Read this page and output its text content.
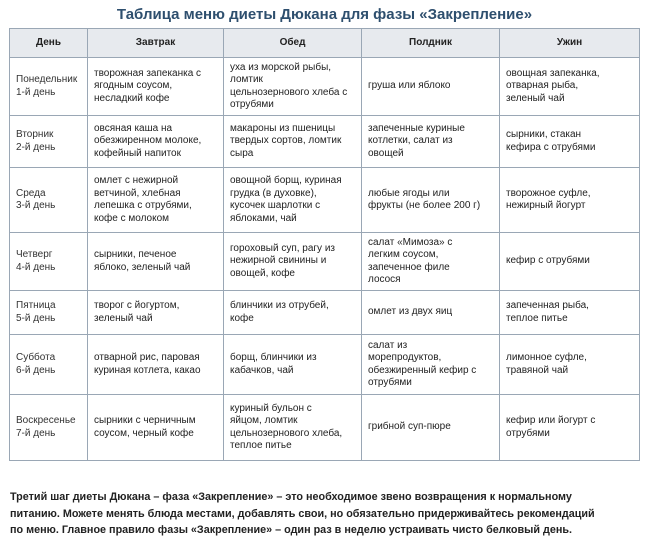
Таблица меню диеты Дюкана для фазы «Закрепление»
День	Завтрак	Обед	Полдник	Ужин
Понедельник
1-й день	творожная запеканка с
ягодным соусом,
несладкий кофе	уха из морской рыбы,
ломтик
цельнозернового хлеба с
отрубями	груша или яблоко	овощная запеканка,
отварная рыба,
зеленый чай
Вторник
2-й день	овсяная каша на
обезжиренном молоке,
кофейный напиток	макароны из пшеницы
твердых сортов, ломтик
сыра	запеченные куриные
котлетки, салат из
овощей	сырники, стакан
кефира с отрубями
Среда
3-й день	омлет с нежирной
ветчиной, хлебная
лепешка с отрубями,
кофе с молоком	овощной борщ, куриная
грудка (в духовке),
кусочек шарлотки с
яблоками, чай	любые ягоды или
фрукты (не более 200 г)	творожное суфле,
нежирный йогурт
Четверг
4-й день	сырники, печеное
яблоко, зеленый чай	гороховый суп, рагу из
нежирной свинины и
овощей, кофе	салат «Мимоза» с
легким соусом,
запеченное филе
лосося	кефир с отрубями
Пятница
5-й день	творог с йогуртом,
зеленый чай	блинчики из отрубей,
кофе	омлет из двух яиц	запеченная рыба,
теплое питье
Суббота
6-й день	отварной рис, паровая
куриная котлета, какао	борщ, блинчики из
кабачков, чай	салат из
морепродуктов,
обезжиренный кефир с
отрубями	лимонное суфле,
травяной чай
Воскресенье
7-й день	сырники с черничным
соусом, черный кофе	куриный бульон с
яйцом, ломтик
цельнозернового хлеба,
теплое питье	грибной суп-пюре	кефир или йогурт с
отрубями
Третий шаг диеты Дюкана – фаза «Закрепление» – это необходимое звено возвращения к нормальному
питанию. Можете менять блюда местами, добавлять свои, но обязательно придерживайтесь рекомендаций
по меню. Главное правило фазы «Закрепление» – один раз в неделю устраивать чисто белковый день.
